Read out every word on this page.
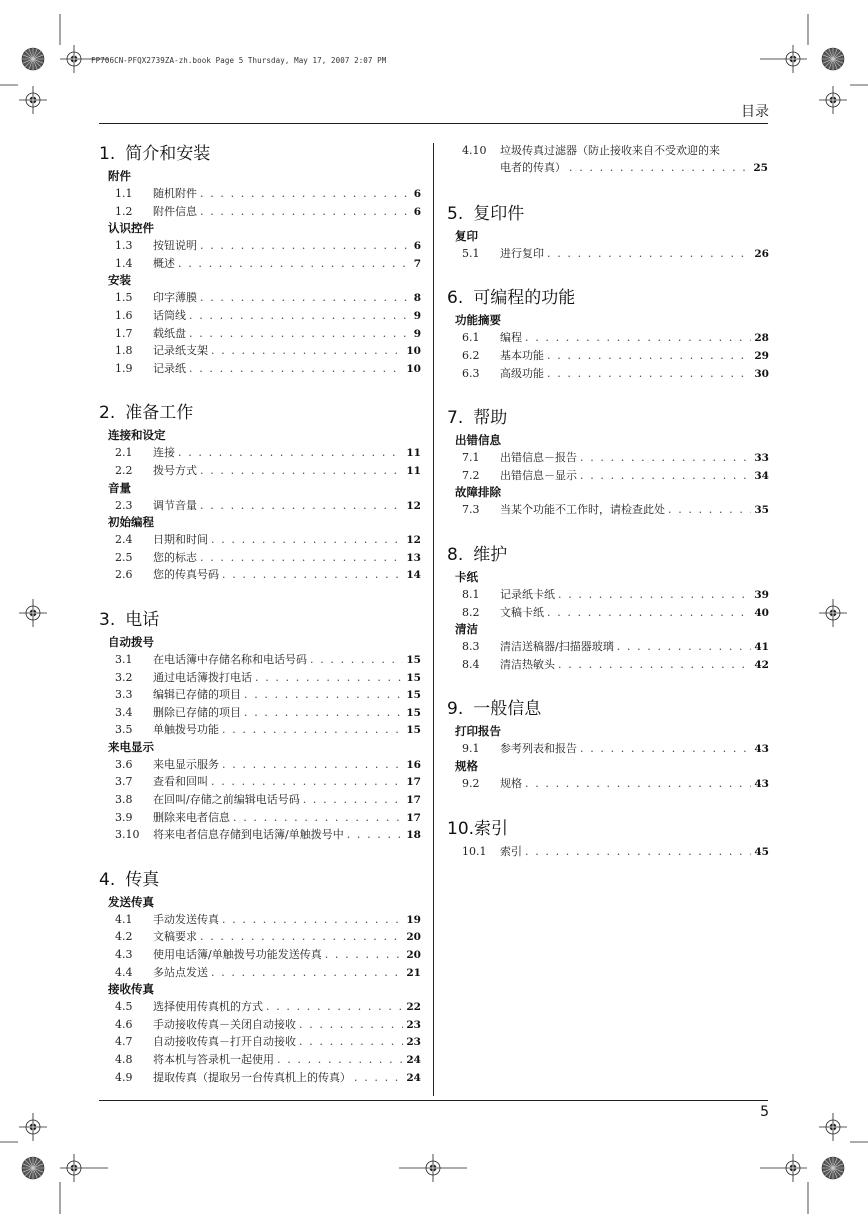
FP706CN-PFQX2739ZA-zh.book Page 5 Thursday, May 17, 2007 2:07 PM
目录
5
1. 简介和安装
附件
1.1	随机附件 . . .	6
1.2	附件信息 . . .	6
认识控件
1.3	按钮说明 . . .	6
1.4	概述 . . .	7
安装
1.5	印字薄膜 . . .	8
1.6	话筒线 . . .	9
1.7	载纸盘 . . .	9
1.8	记录纸支架 . . .	10
1.9	记录纸 . . .	10
2. 准备工作
连接和设定
2.1	连接 . . .	11
2.2	拨号方式 . . .	11
音量
2.3	调节音量 . . .	12
初始编程
2.4	日期和时间 . . .	12
2.5	您的标志 . . .	13
2.6	您的传真号码 . . .	14
3. 电话
自动拨号
3.1	在电话簿中存储名称和电话号码 . . .	15
3.2	通过电话簿拨打电话 . . .	15
3.3	编辑已存储的项目 . . .	15
3.4	删除已存储的项目 . . .	15
3.5	单触拨号功能 . . .	15
来电显示
3.6	来电显示服务 . . .	16
3.7	查看和回叫 . . .	17
3.8	在回叫/存储之前编辑电话号码 . . .	17
3.9	删除来电者信息 . . .	17
3.10	将来电者信息存储到电话簿/单触拨号中 . . .	18
4. 传真
发送传真
4.1	手动发送传真 . . .	19
4.2	文稿要求 . . .	20
4.3	使用电话簿/单触拨号功能发送传真 . . .	20
4.4	多站点发送 . . .	21
接收传真
4.5	选择使用传真机的方式 . . .	22
4.6	手动接收传真－关闭自动接收 . . .	23
4.7	自动接收传真－打开自动接收 . . .	23
4.8	将本机与答录机一起使用 . . .	24
4.9	提取传真（提取另一台传真机上的传真） . . .	24
4.10 垃圾传真过滤器（防止接收来自不受欢迎的来
电者的传真） . . .	25
5. 复印件
复印
5.1	进行复印 . . .	26
6. 可编程的功能
功能摘要
6.1	编程 . . .	28
6.2	基本功能 . . .	29
6.3	高级功能 . . .	30
7. 帮助
出错信息
7.1	出错信息－报告 . . .	33
7.2	出错信息－显示 . . .	34
故障排除
7.3	当某个功能不工作时，请检查此处 . . .	35
8. 维护
卡纸
8.1	记录纸卡纸 . . .	39
8.2	文稿卡纸 . . .	40
清洁
8.3	清洁送稿器/扫描器玻璃 . . .	41
8.4	清洁热敏头 . . .	42
9. 一般信息
打印报告
9.1	参考列表和报告 . . .	43
规格
9.2	规格 . . .	43
10.索引
10.1	索引 . . .	45
